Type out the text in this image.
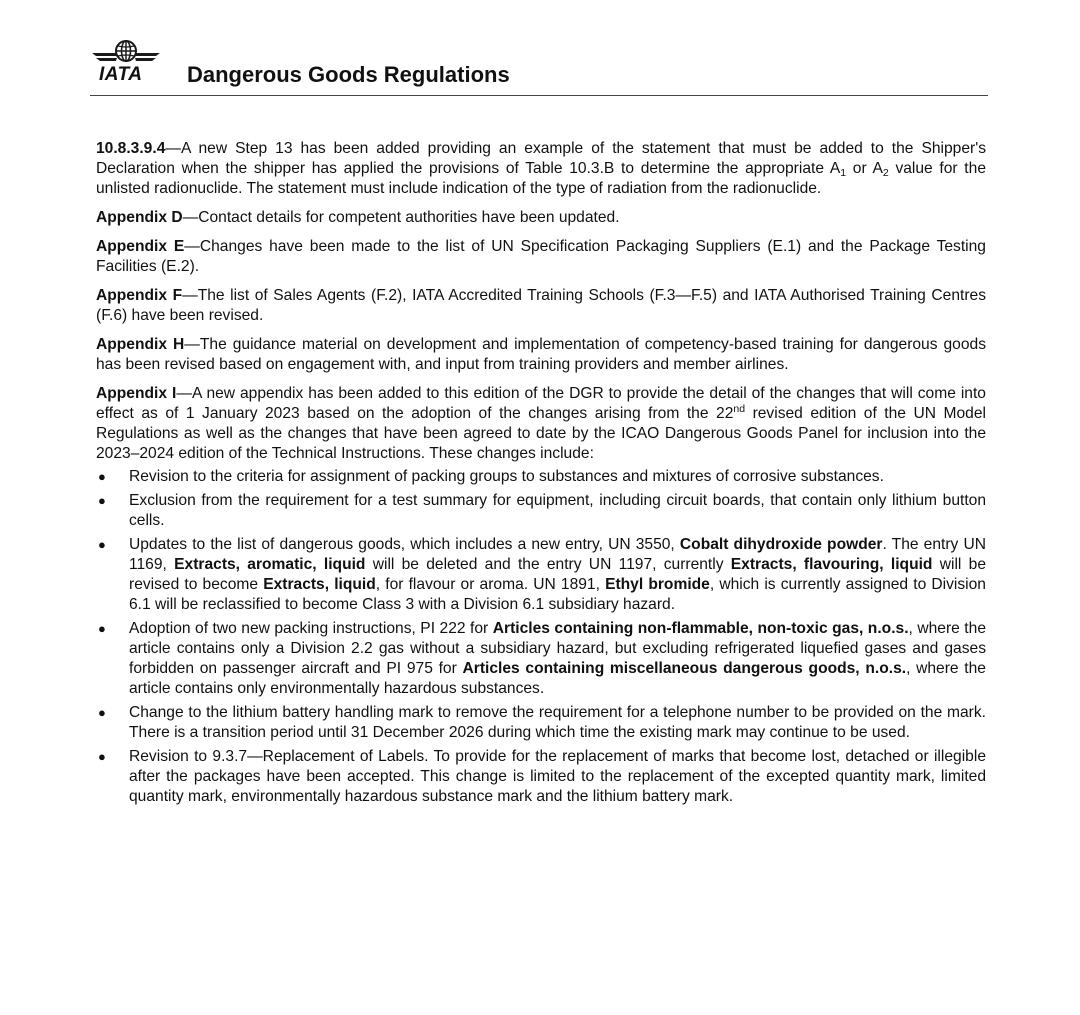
IATA Dangerous Goods Regulations

10.8.3.9.4—A new Step 13 has been added providing an example of the statement that must be added to the Shipper's Declaration when the shipper has applied the provisions of Table 10.3.B to determine the appropriate $A_1$ or $A_2$ value for the unlisted radionuclide. The statement must include indication of the type of radiation from the radionuclide.

Appendix D—Contact details for competent authorities have been updated.

Appendix E—Changes have been made to the list of UN Specification Packaging Suppliers (E.1) and the Package Testing Facilities (E.2).

Appendix F—The list of Sales Agents (F.2), IATA Accredited Training Schools (F.3—F.5) and IATA Authorised Training Centres (F.6) have been revised.

Appendix H—The guidance material on development and implementation of competency-based training for dangerous goods has been revised based on engagement with, and input from training providers and member airlines.

Appendix I—A new appendix has been added to this edition of the DGR to provide the detail of the changes that will come into effect as of 1 January 2023 based on the adoption of the changes arising from the 22nd revised edition of the UN Model Regulations as well as the changes that have been agreed to date by the ICAO Dangerous Goods Panel for inclusion into the 2023–2024 edition of the Technical Instructions. These changes include:

● Revision to the criteria for assignment of packing groups to substances and mixtures of corrosive substances.
● Exclusion from the requirement for a test summary for equipment, including circuit boards, that contain only lithium button cells.
● Updates to the list of dangerous goods, which includes a new entry, UN 3550, Cobalt dihydroxide powder. The entry UN 1169, Extracts, aromatic, liquid will be deleted and the entry UN 1197, currently Extracts, flavouring, liquid will be revised to become Extracts, liquid, for flavour or aroma. UN 1891, Ethyl bromide, which is currently assigned to Division 6.1 will be reclassified to become Class 3 with a Division 6.1 subsidiary hazard.
● Adoption of two new packing instructions, PI 222 for Articles containing non-flammable, non-toxic gas, n.o.s., where the article contains only a Division 2.2 gas without a subsidiary hazard, but excluding refrigerated liquefied gases and gases forbidden on passenger aircraft and PI 975 for Articles containing miscellaneous dangerous goods, n.o.s., where the article contains only environmentally hazardous substances.
● Change to the lithium battery handling mark to remove the requirement for a telephone number to be provided on the mark. There is a transition period until 31 December 2026 during which time the existing mark may continue to be used.
● Revision to 9.3.7—Replacement of Labels. To provide for the replacement of marks that become lost, detached or illegible after the packages have been accepted. This change is limited to the replacement of the excepted quantity mark, limited quantity mark, environmentally hazardous substance mark and the lithium battery mark.
